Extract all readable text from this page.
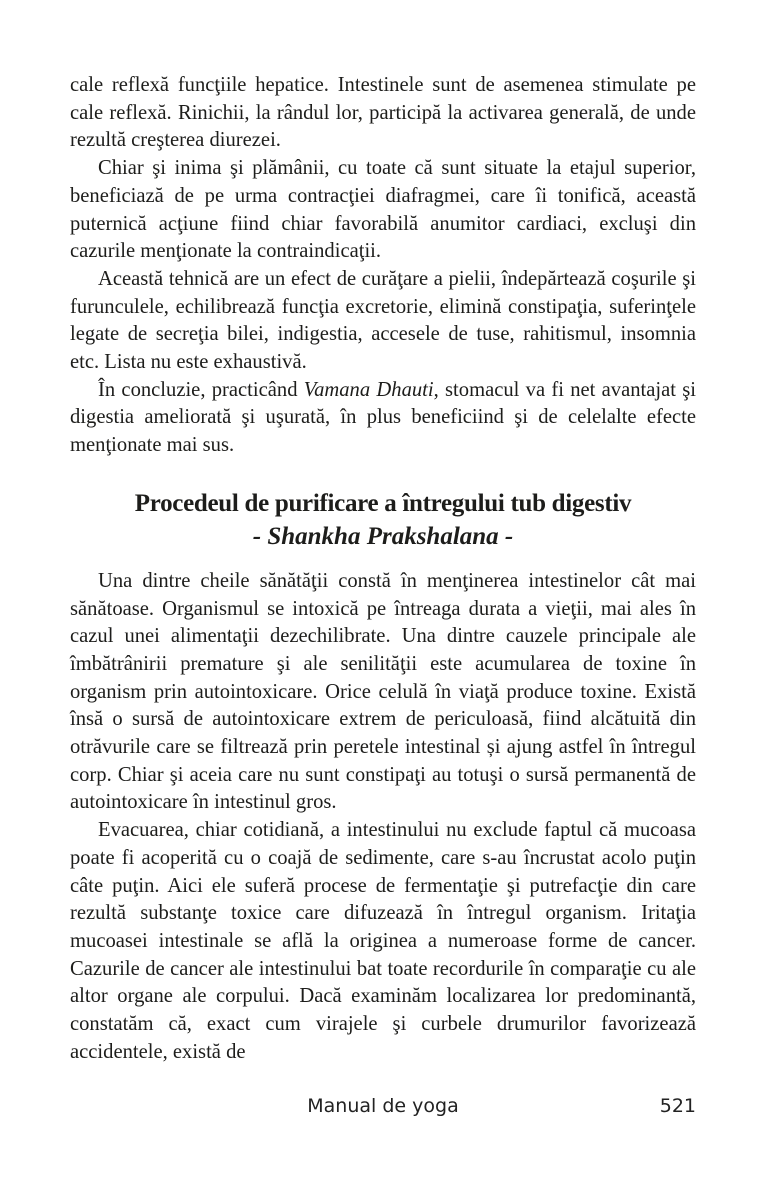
cale reflexă funcţiile hepatice. Intestinele sunt de asemenea stimulate pe cale reflexă. Rinichii, la rândul lor, participă la activarea generală, de unde rezultă creşterea diurezei.

Chiar şi inima şi plămânii, cu toate că sunt situate la etajul superior, beneficiază de pe urma contracţiei diafragmei, care îi tonifică, această puternică acţiune fiind chiar favorabilă anumitor cardiaci, excluşi din cazurile menţionate la contraindicaţii.

Această tehnică are un efect de curăţare a pielii, îndepărtează coşurile şi furunculele, echilibrează funcţia excretorie, elimină constipaţia, suferinţele legate de secreţia bilei, indigestia, accesele de tuse, rahitismul, insomnia etc. Lista nu este exhaustivă.

În concluzie, practicând Vamana Dhauti, stomacul va fi net avantajat şi digestia ameliorată şi uşurată, în plus beneficiind şi de celelalte efecte menţionate mai sus.

Procedeul de purificare a întregului tub digestiv
- Shankha Prakshalana -

Una dintre cheile sănătăţii constă în menţinerea intestinelor cât mai sănătoase. Organismul se intoxică pe întreaga durata a vieţii, mai ales în cazul unei alimentaţii dezechilibrate. Una dintre cauzele principale ale îmbătrânirii premature şi ale senilităţii este acumularea de toxine în organism prin autointoxicare. Orice celulă în viaţă produce toxine. Există însă o sursă de autointoxicare extrem de periculoasă, fiind alcătuită din otrăvurile care se filtrează prin peretele intestinal și ajung astfel în întregul corp. Chiar şi aceia care nu sunt constipaţi au totuşi o sursă permanentă de autointoxicare în intestinul gros.

Evacuarea, chiar cotidiană, a intestinului nu exclude faptul că mucoasa poate fi acoperită cu o coajă de sedimente, care s-au încrustat acolo puţin câte puţin. Aici ele suferă procese de fermentaţie şi putrefacţie din care rezultă substanţe toxice care difuzează în întregul organism. Iritaţia mucoasei intestinale se află la originea a numeroase forme de cancer. Cazurile de cancer ale intestinului bat toate recordurile în comparaţie cu ale altor organe ale corpului. Dacă examinăm localizarea lor predominantă, constatăm că, exact cum virajele şi curbele drumurilor favorizează accidentele, există de

Manual de yoga	521
